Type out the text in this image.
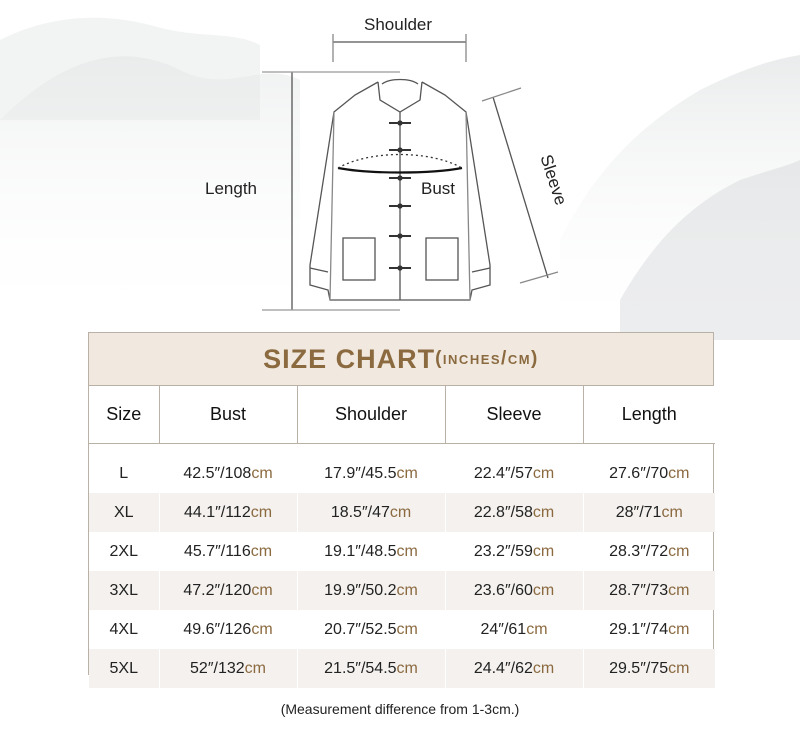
Shoulder
Length	Bust	Sleeve
SIZE CHART (inches/cm)
Size	Bust	Shoulder	Sleeve	Length

L	42.5″/108cm	17.9″/45.5cm	22.4″/57cm	27.6″/70cm
XL	44.1″/112cm	18.5″/47cm	22.8″/58cm	28″/71cm
2XL	45.7″/116cm	19.1″/48.5cm	23.2″/59cm	28.3″/72cm
3XL	47.2″/120cm	19.9″/50.2cm	23.6″/60cm	28.7″/73cm
4XL	49.6″/126cm	20.7″/52.5cm	24″/61cm	29.1″/74cm
5XL	52″/132cm	21.5″/54.5cm	24.4″/62cm	29.5″/75cm
(Measurement difference from 1-3cm.)
